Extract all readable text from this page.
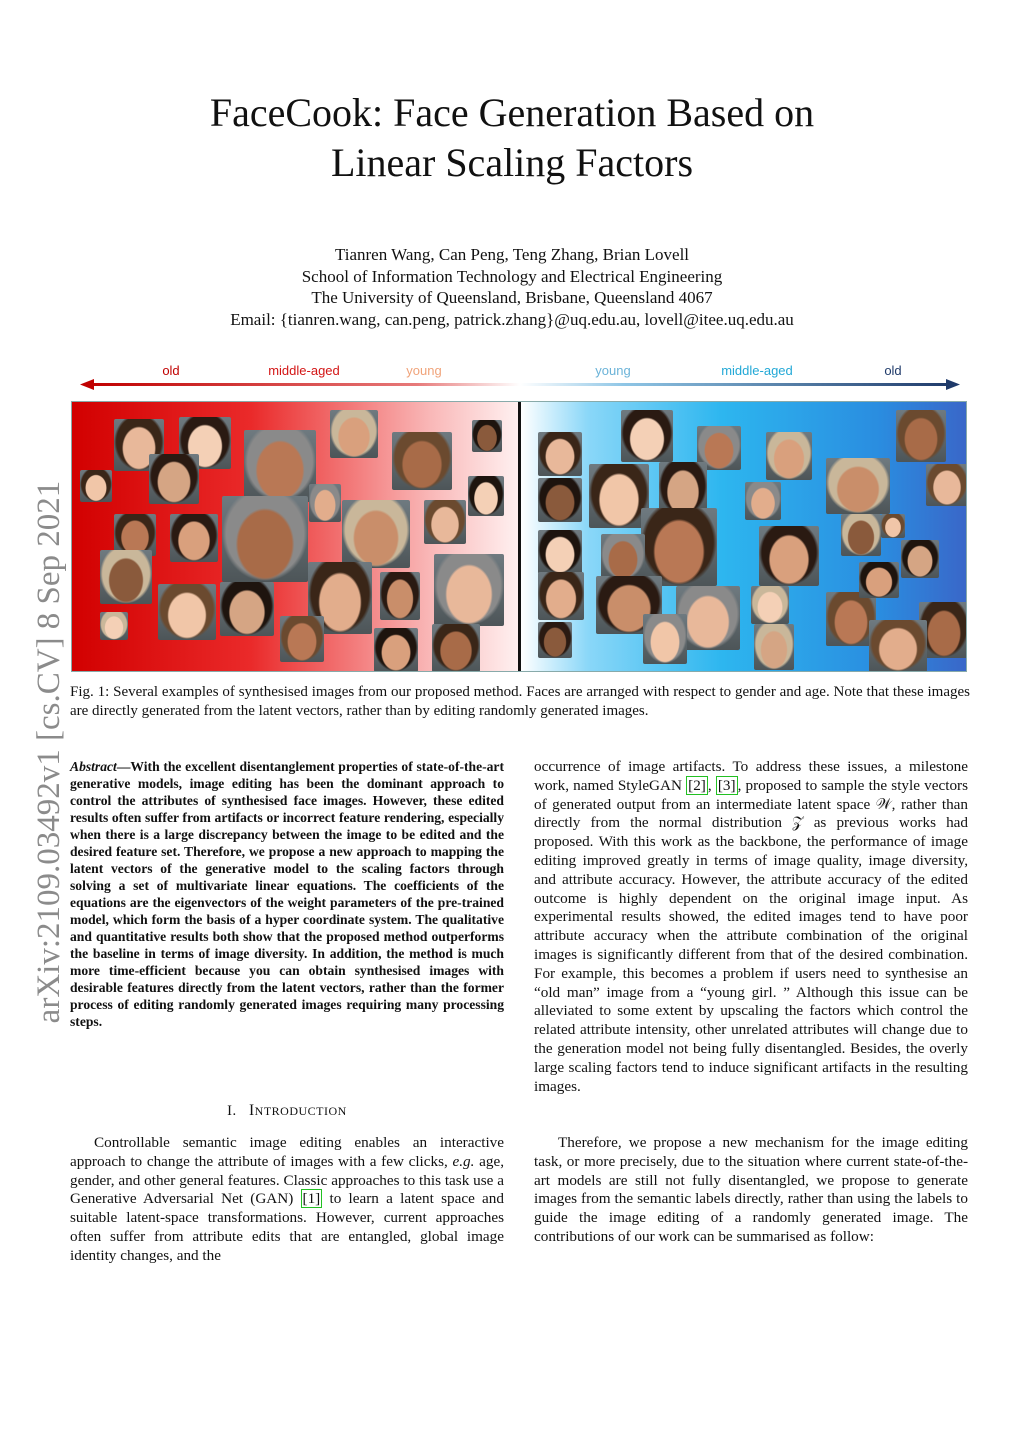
FaceCook: Face Generation Based on
Linear Scaling Factors
Tianren Wang, Can Peng, Teng Zhang, Brian Lovell
School of Information Technology and Electrical Engineering
The University of Queensland, Brisbane, Queensland 4067
Email: {tianren.wang, can.peng, patrick.zhang}@uq.edu.au, lovell@itee.uq.edu.au
arXiv:2109.03492v1 [cs.CV] 8 Sep 2021
old	middle-aged	young	young	middle-aged	old
Fig. 1: Several examples of synthesised images from our proposed method. Faces are arranged with respect to gender and age. Note that these images are directly generated from the latent vectors, rather than by editing randomly generated images.

Abstract—With the excellent disentanglement properties of state-of-the-art generative models, image editing has been the dominant approach to control the attributes of synthesised face images. However, these edited results often suffer from artifacts or incorrect feature rendering, especially when there is a large discrepancy between the image to be edited and the desired feature set. Therefore, we propose a new approach to mapping the latent vectors of the generative model to the scaling factors through solving a set of multivariate linear equations. The coefficients of the equations are the eigenvectors of the weight parameters of the pre-trained model, which form the basis of a hyper coordinate system. The qualitative and quantitative results both show that the proposed method outperforms the baseline in terms of image diversity. In addition, the method is much more time-efficient because you can obtain synthesised images with desirable features directly from the latent vectors, rather than the former process of editing randomly generated images requiring many processing steps.

I. INTRODUCTION

Controllable semantic image editing enables an interactive approach to change the attribute of images with a few clicks, e.g. age, gender, and other general features. Classic approaches to this task use a Generative Adversarial Net (GAN) [1] to learn a latent space and suitable latent-space transformations. However, current approaches often suffer from attribute edits that are entangled, global image identity changes, and the

occurrence of image artifacts. To address these issues, a milestone work, named StyleGAN [2] , [3] , proposed to sample the style vectors of generated output from an intermediate latent space 𝒲, rather than directly from the normal distribution 𝒵 as previous works had proposed. With this work as the backbone, the performance of image editing improved greatly in terms of image quality, image diversity, and attribute accuracy. However, the attribute accuracy of the edited outcome is highly dependent on the original image input. As experimental results showed, the edited images tend to have poor attribute accuracy when the attribute combination of the original images is significantly different from that of the desired combination. For example, this becomes a problem if users need to synthesise an “old man” image from a “young girl. ” Although this issue can be alleviated to some extent by upscaling the factors which control the related attribute intensity, other unrelated attributes will change due to the generation model not being fully disentangled. Besides, the overly large scaling factors tend to induce significant artifacts in the resulting images.

Therefore, we propose a new mechanism for the image editing task, or more precisely, due to the situation where current state-of-the-art models are still not fully disentangled, we propose to generate images from the semantic labels directly, rather than using the labels to guide the image editing of a randomly generated image. The contributions of our work can be summarised as follow:
